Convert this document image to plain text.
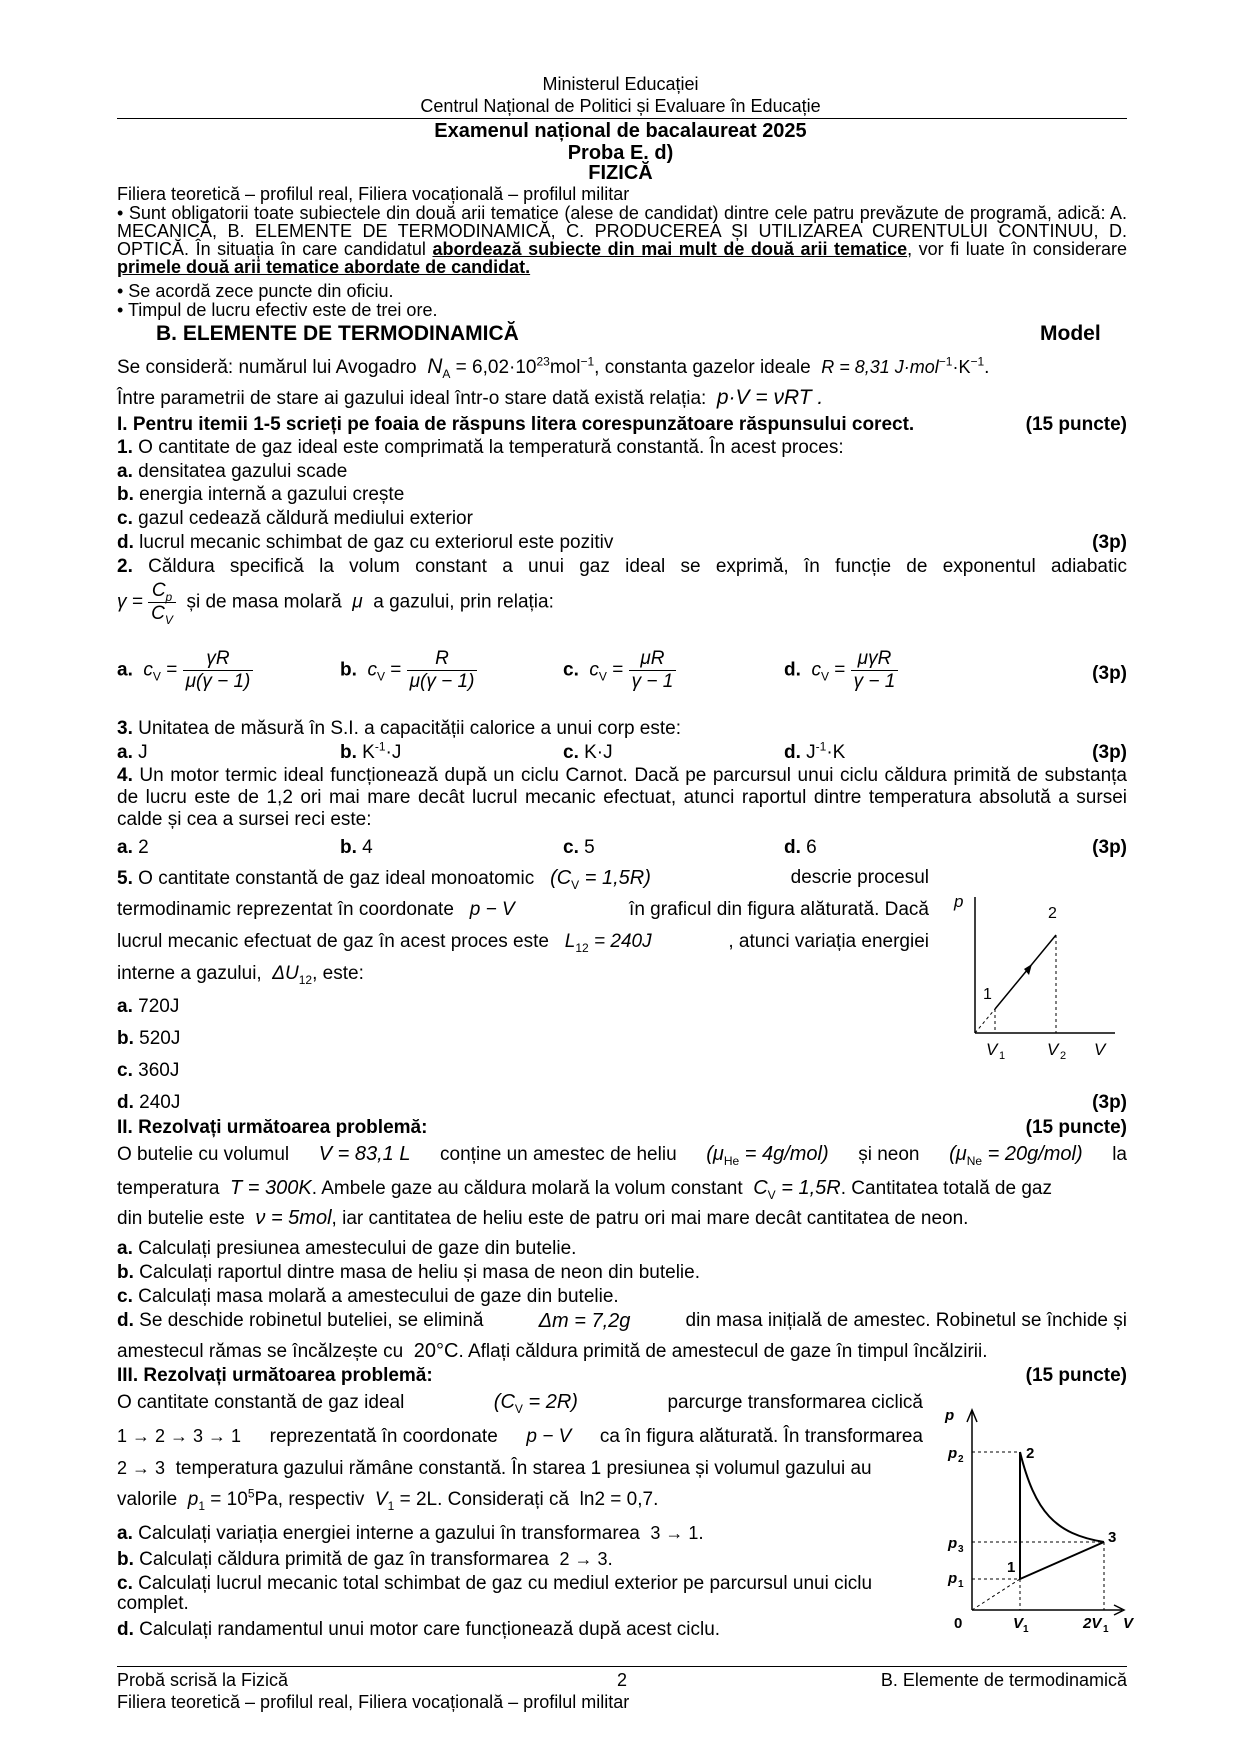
Ministerul Educației
Centrul Național de Politici și Evaluare în Educație
Examenul național de bacalaureat 2025
Proba E. d)
FIZICĂ
Filiera teoretică – profilul real, Filiera vocațională – profilul militar
• Sunt obligatorii toate subiectele din două arii tematice (alese de candidat) dintre cele patru prevăzute de programă, adică: A. MECANICĂ, B. ELEMENTE DE TERMODINAMICĂ, C. PRODUCEREA ȘI UTILIZAREA CURENTULUI CONTINUU, D. OPTICĂ. În situația în care candidatul abordează subiecte din mai mult de două arii tematice, vor fi luate în considerare primele două arii tematice abordate de candidat.
• Se acordă zece puncte din oficiu.
• Timpul de lucru efectiv este de trei ore.
B. ELEMENTE DE TERMODINAMICĂ	Model
Se consideră: numărul lui Avogadro $N_A = 6,02\cdot 10^{23}mol^{-1}$, constanta gazelor ideale R = 8,31 $J\cdot mol^{-1}\cdot K^{-1}$.
Între parametrii de stare ai gazului ideal într-o stare dată există relația: p·V = νRT .
I. Pentru itemii 1-5 scrieți pe foaia de răspuns litera corespunzătoare răspunsului corect.	(15 puncte)
1. O cantitate de gaz ideal este comprimată la temperatură constantă. În acest proces:
a. densitatea gazului scade
b. energia internă a gazului crește
c. gazul cedează căldură mediului exterior
d. lucrul mecanic schimbat de gaz cu exteriorul este pozitiv	(3p)
2. Căldura specifică la volum constant a unui gaz ideal se exprimă, în funcție de exponentul adiabatic
$\gamma = \frac{C_p}{C_V}$ și de masa molară μ a gazului, prin relația:
a. $c_V = \frac{\gamma R}{\mu(\gamma - 1)}$	b. $c_V = \frac{R}{\mu(\gamma - 1)}$	c. $c_V = \frac{\mu R}{\gamma - 1}$	d. $c_V = \frac{\text{μγR}}{\gamma - 1}$	(3p)
3. Unitatea de măsură în S.I. a capacității calorice a unui corp este:
a. J	b. $K^{-1}\cdot J$	c. K·J	d. $J^{-1}\cdot K$	(3p)
4. Un motor termic ideal funcționează după un ciclu Carnot. Dacă pe parcursul unui ciclu căldura primită de substanța de lucru este de 1,2 ori mai mare decât lucrul mecanic efectuat, atunci raportul dintre temperatura absolută a sursei calde și cea a sursei reci este:
a. 2	b. 4	c. 5	d. 6	(3p)
5. O cantitate constantă de gaz ideal monoatomic $(C_V = 1,5R)$	descrie procesul
termodinamic reprezentat în coordonate p − V	în graficul din figura alăturată. Dacă
lucrul mecanic efectuat de gaz în acest proces este $L_{12} = 240J$	, atunci variația energiei
interne a gazului, $\Delta U_{12}$, este:
a. 720J
b. 520J
c. 360J
d. 240J	(3p)
p
2
1
V 1 V 2 V
II. Rezolvați următoarea problemă:	(15 puncte)
O butelie cu volumul V = 83,1 L conține un amestec de heliu $(\mu_{He} = 4g/mol)$ și neon $(\mu_{Ne} = 20g/mol)$ la
temperatura T = 300K. Ambele gaze au căldura molară la volum constant $C_V = 1,5R$. Cantitatea totală de gaz
din butelie este ν = 5mol, iar cantitatea de heliu este de patru ori mai mare decât cantitatea de neon.
a. Calculați presiunea amestecului de gaze din butelie.
b. Calculați raportul dintre masa de heliu și masa de neon din butelie.
c. Calculați masa molară a amestecului de gaze din butelie.
d. Se deschide robinetul buteliei, se elimină	Δm = 7,2g	din masa inițială de amestec. Robinetul se închide și
amestecul rămas se încălzește cu 20°C. Aflați căldura primită de amestecul de gaze în timpul încălzirii.
III. Rezolvați următoarea problemă:	(15 puncte)
O cantitate constantă de gaz ideal	$(C_V = 2R)$	parcurge transformarea ciclică
1 → 2 → 3 → 1 reprezentată în coordonate p − V ca în figura alăturată. În transformarea
2 → 3 temperatura gazului rămâne constantă. În starea 1 presiunea și volumul gazului au
valorile $p_1 = 10^5Pa$, respectiv $V_1 = 2L$. Considerați că ln2 = 0,7.
a. Calculați variația energiei interne a gazului în transformarea 3 → 1.
b. Calculați căldura primită de gaz în transformarea 2 → 3.
c. Calculați lucrul mecanic total schimbat de gaz cu mediul exterior pe parcursul unui ciclu complet.
d. Calculați randamentul unui motor care funcționează după acest ciclu.
p
p 2
p 3
p 1
0	V 1	2V 1 V
2
3
1
Probă scrisă la Fizică	2	B. Elemente de termodinamică
Filiera teoretică – profilul real, Filiera vocațională – profilul militar
